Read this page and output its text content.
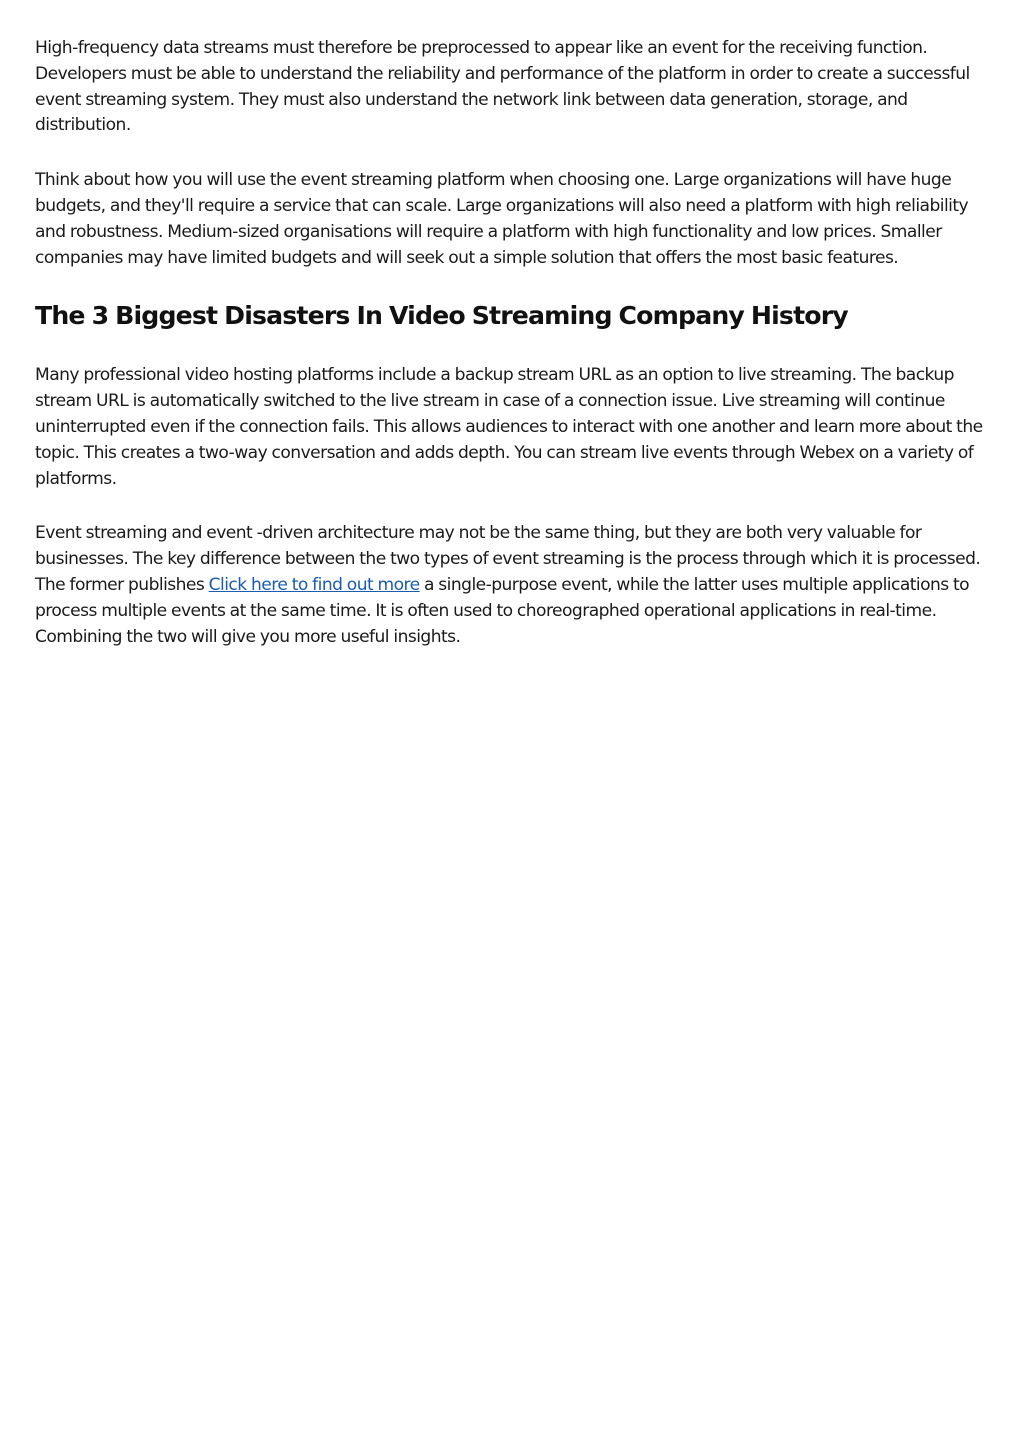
High-frequency data streams must therefore be preprocessed to appear like an event for the receiving function. Developers must be able to understand the reliability and performance of the platform in order to create a successful event streaming system. They must also understand the network link between data generation, storage, and distribution.

Think about how you will use the event streaming platform when choosing one. Large organizations will have huge budgets, and they'll require a service that can scale. Large organizations will also need a platform with high reliability and robustness. Medium-sized organisations will require a platform with high functionality and low prices. Smaller companies may have limited budgets and will seek out a simple solution that offers the most basic features.

The 3 Biggest Disasters In Video Streaming Company History

Many professional video hosting platforms include a backup stream URL as an option to live streaming. The backup stream URL is automatically switched to the live stream in case of a connection issue. Live streaming will continue uninterrupted even if the connection fails. This allows audiences to interact with one another and learn more about the topic. This creates a two-way conversation and adds depth. You can stream live events through Webex on a variety of platforms.

Event streaming and event -driven architecture may not be the same thing, but they are both very valuable for businesses. The key difference between the two types of event streaming is the process through which it is processed. The former publishes Click here to find out more a single-purpose event, while the latter uses multiple applications to process multiple events at the same time. It is often used to choreographed operational applications in real-time. Combining the two will give you more useful insights.
